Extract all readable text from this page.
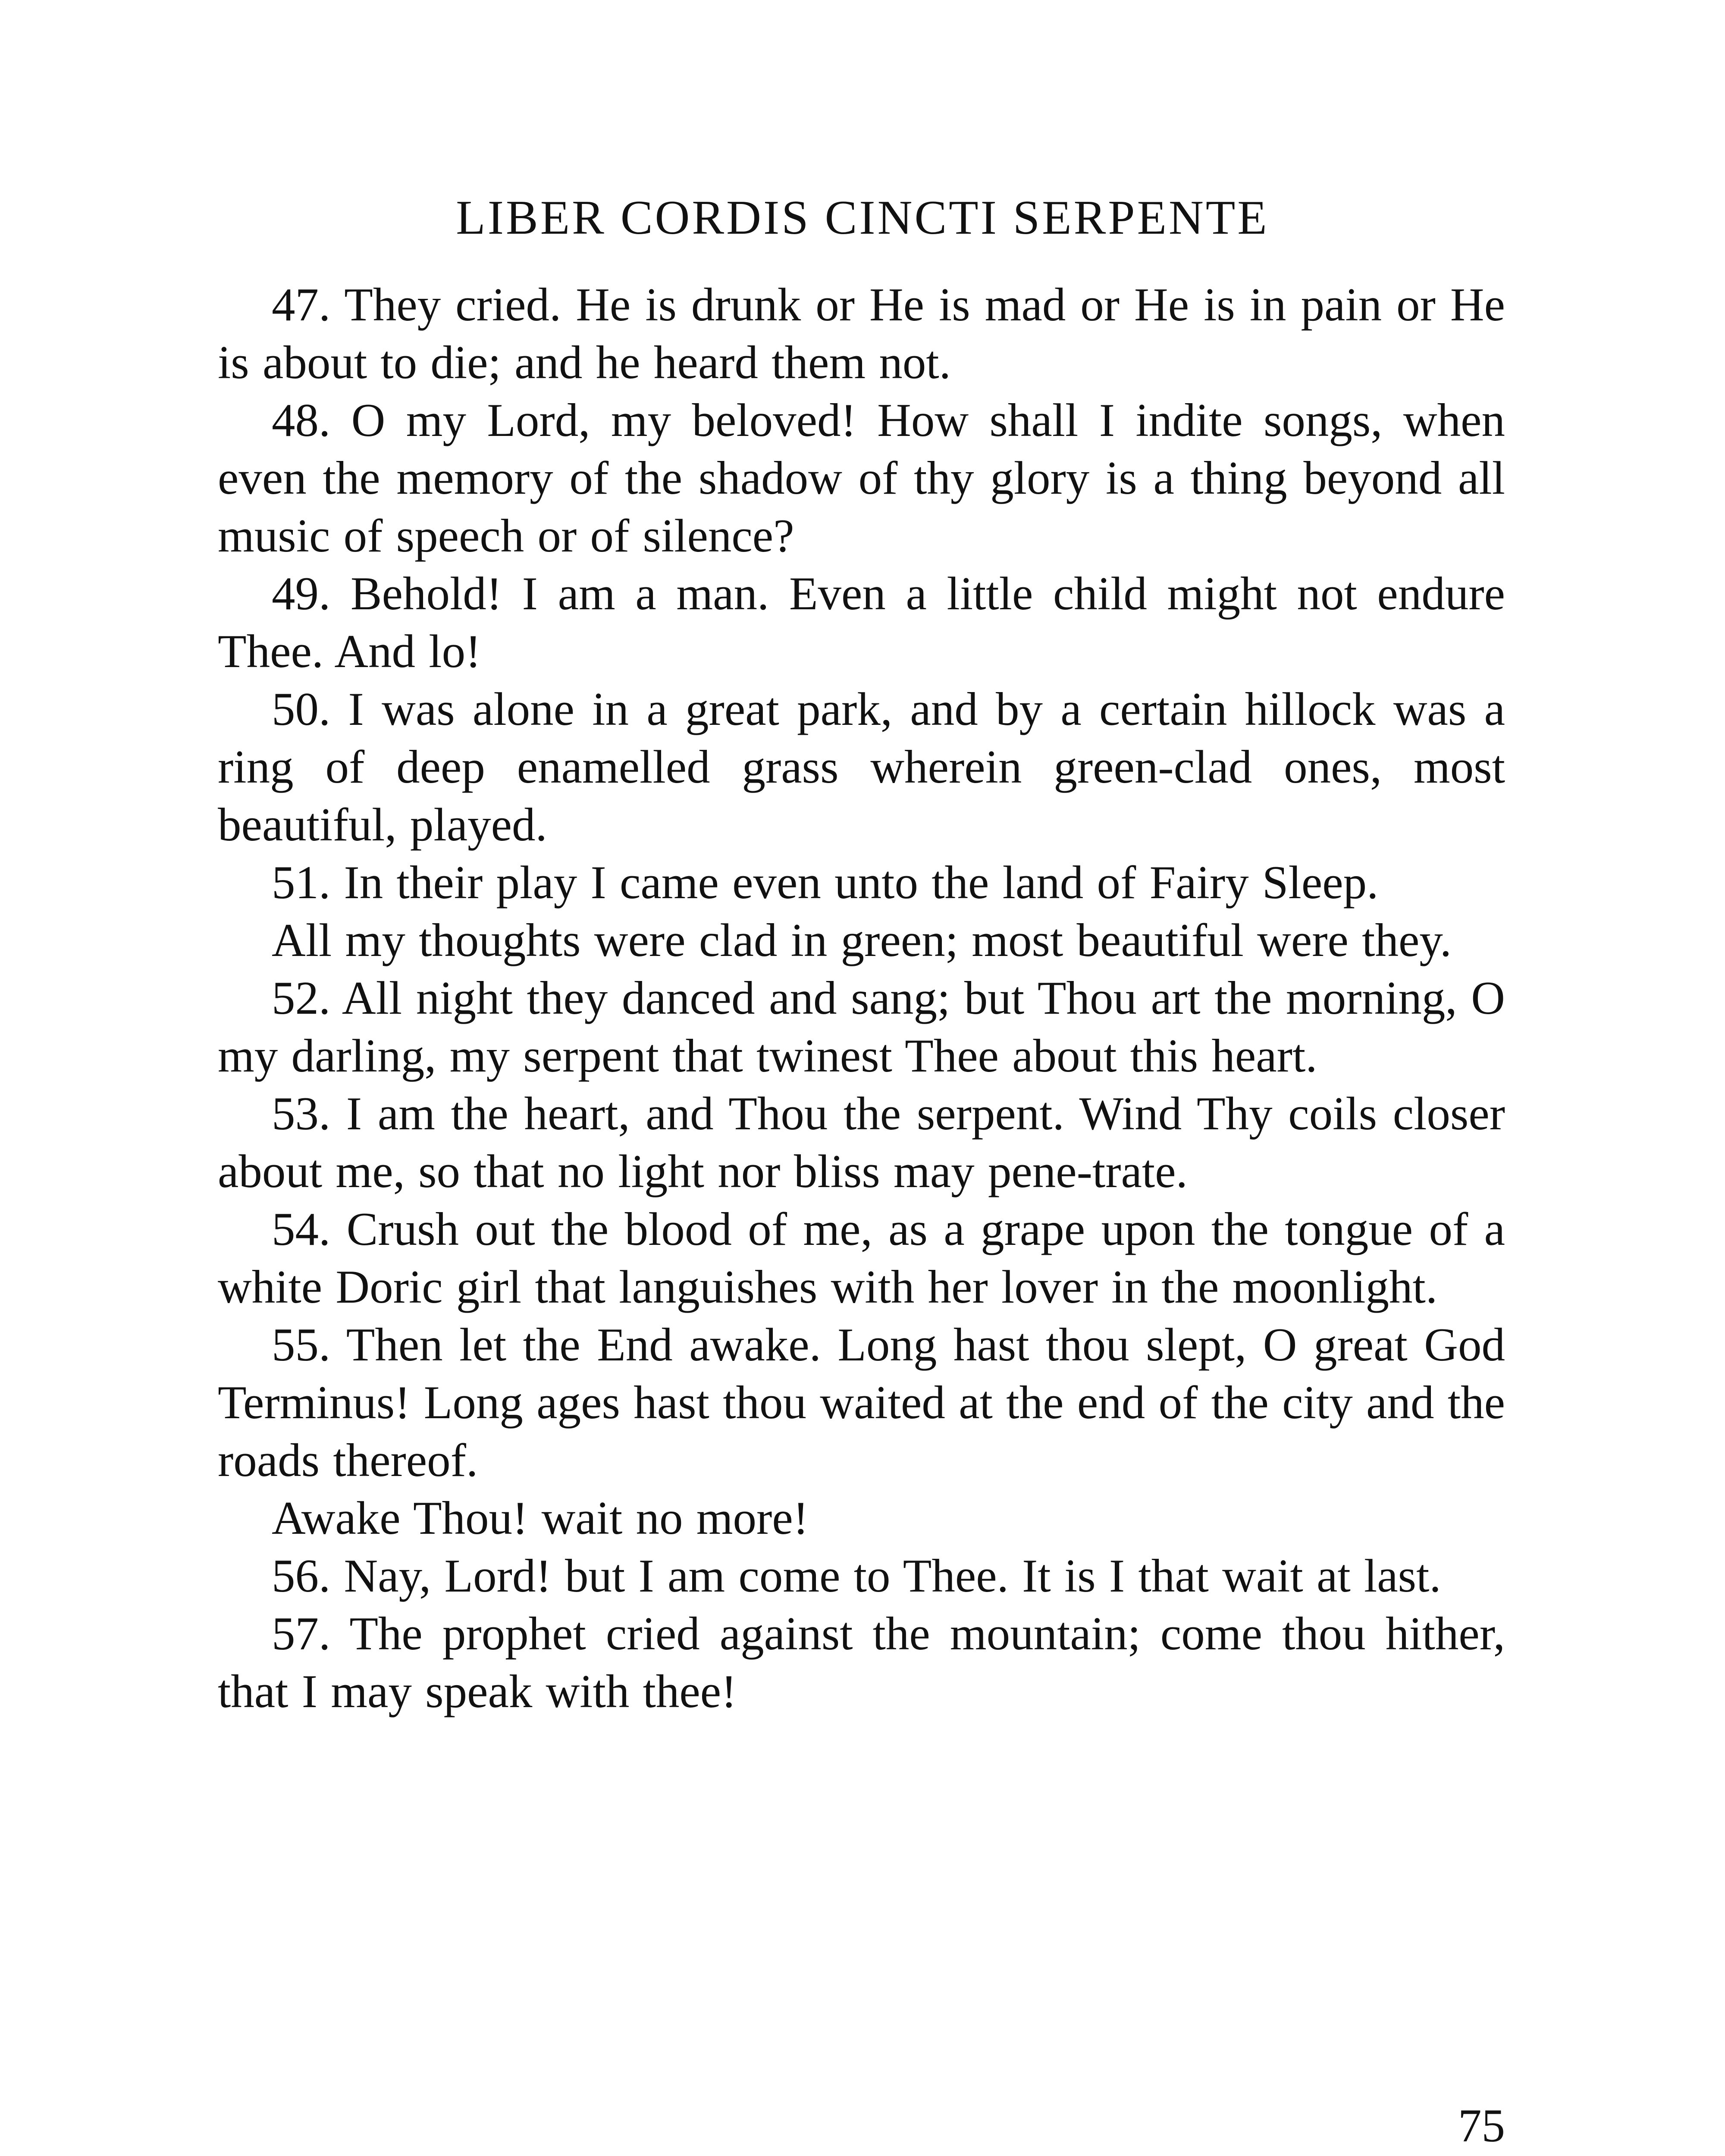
LIBER CORDIS CINCTI SERPENTE

47. They cried. He is drunk or He is mad or He is in pain or He is about to die; and he heard them not.

48. O my Lord, my beloved! How shall I indite songs, when even the memory of the shadow of thy glory is a thing beyond all music of speech or of silence?

49. Behold! I am a man. Even a little child might not endure Thee. And lo!

50. I was alone in a great park, and by a certain hillock was a ring of deep enamelled grass wherein green-clad ones, most beautiful, played.

51. In their play I came even unto the land of Fairy Sleep.

All my thoughts were clad in green; most beautiful were they.

52. All night they danced and sang; but Thou art the morning, O my darling, my serpent that twinest Thee about this heart.

53. I am the heart, and Thou the serpent. Wind Thy coils closer about me, so that no light nor bliss may pene-trate.

54. Crush out the blood of me, as a grape upon the tongue of a white Doric girl that languishes with her lover in the moonlight.

55. Then let the End awake. Long hast thou slept, O great God Terminus! Long ages hast thou waited at the end of the city and the roads thereof.

Awake Thou! wait no more!

56. Nay, Lord! but I am come to Thee. It is I that wait at last.

57. The prophet cried against the mountain; come thou hither, that I may speak with thee!

75
